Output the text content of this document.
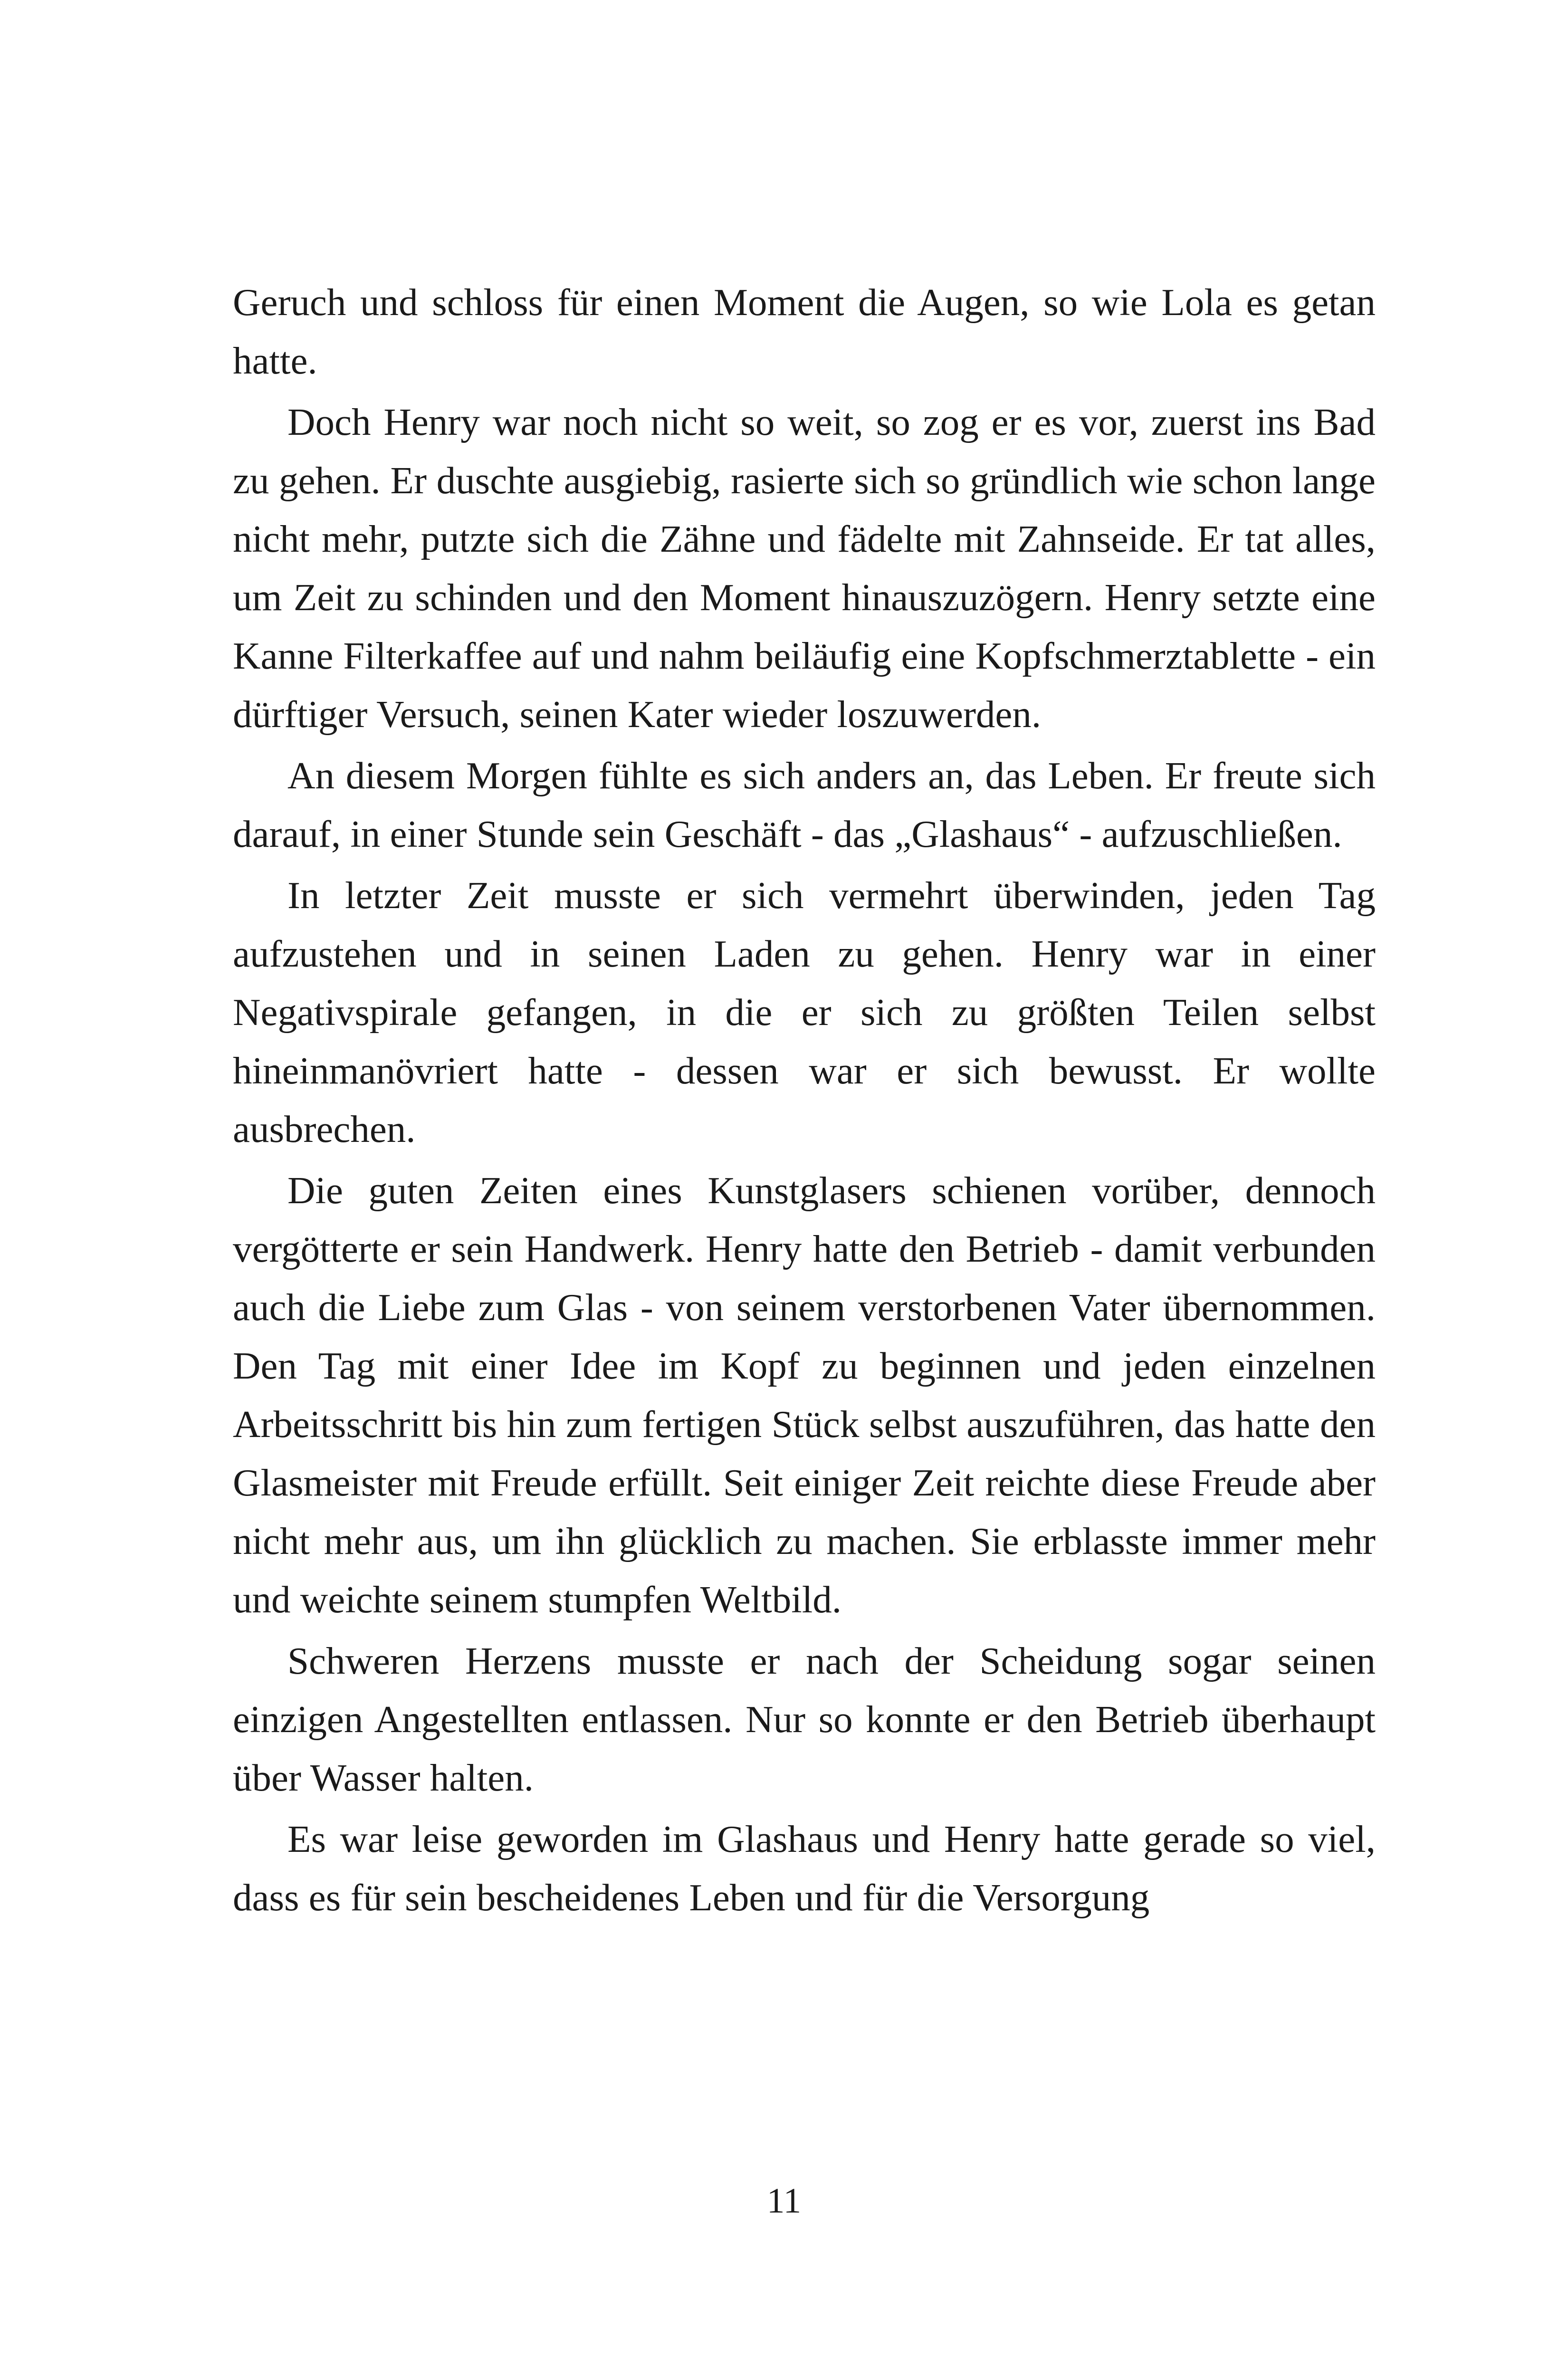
Geruch und schloss für einen Moment die Augen, so wie Lola es getan hatte.

Doch Henry war noch nicht so weit, so zog er es vor, zuerst ins Bad zu gehen. Er duschte ausgiebig, rasierte sich so gründlich wie schon lange nicht mehr, putzte sich die Zähne und fädelte mit Zahnseide. Er tat alles, um Zeit zu schinden und den Moment hinauszuzögern. Henry setzte eine Kanne Filterkaffee auf und nahm beiläufig eine Kopfschmerztablette - ein dürftiger Versuch, seinen Kater wieder loszuwerden.

An diesem Morgen fühlte es sich anders an, das Leben. Er freute sich darauf, in einer Stunde sein Geschäft - das „Glashaus“ - aufzuschließen.

In letzter Zeit musste er sich vermehrt überwinden, jeden Tag aufzustehen und in seinen Laden zu gehen. Henry war in einer Negativspirale gefangen, in die er sich zu größten Teilen selbst hineinmanövriert hatte - dessen war er sich bewusst. Er wollte ausbrechen.

Die guten Zeiten eines Kunstglasers schienen vorüber, dennoch vergötterte er sein Handwerk. Henry hatte den Betrieb - damit verbunden auch die Liebe zum Glas - von seinem verstorbenen Vater übernommen. Den Tag mit einer Idee im Kopf zu beginnen und jeden einzelnen Arbeitsschritt bis hin zum fertigen Stück selbst auszuführen, das hatte den Glasmeister mit Freude erfüllt. Seit einiger Zeit reichte diese Freude aber nicht mehr aus, um ihn glücklich zu machen. Sie erblasste immer mehr und weichte seinem stumpfen Weltbild.

Schweren Herzens musste er nach der Scheidung sogar seinen einzigen Angestellten entlassen. Nur so konnte er den Betrieb überhaupt über Wasser halten.

Es war leise geworden im Glashaus und Henry hatte gerade so viel, dass es für sein bescheidenes Leben und für die Versorgung

11
